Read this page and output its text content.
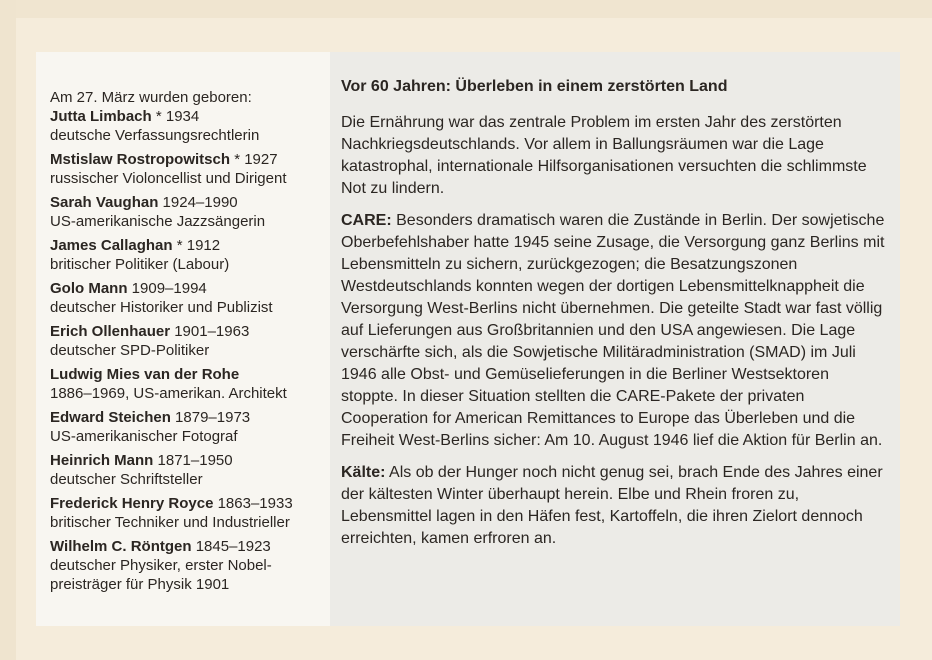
Am 27. März wurden geboren:
Jutta Limbach * 1934
deutsche Verfassungsrechtlerin
Mstislaw Rostropowitsch * 1927
russischer Violoncellist und Dirigent
Sarah Vaughan 1924–1990
US-amerikanische Jazzsängerin
James Callaghan * 1912
britischer Politiker (Labour)
Golo Mann 1909–1994
deutscher Historiker und Publizist
Erich Ollenhauer 1901–1963
deutscher SPD-Politiker
Ludwig Mies van der Rohe
1886–1969, US-amerikan. Architekt
Edward Steichen 1879–1973
US-amerikanischer Fotograf
Heinrich Mann 1871–1950
deutscher Schriftsteller
Frederick Henry Royce 1863–1933
britischer Techniker und Industrieller
Wilhelm C. Röntgen 1845–1923
deutscher Physiker, erster Nobel- preisträger für Physik 1901
Vor 60 Jahren: Überleben in einem zerstörten Land

Die Ernährung war das zentrale Problem im ersten Jahr des zerstörten Nachkriegsdeutschlands. Vor allem in Ballungsräumen war die Lage katastrophal, internationale Hilfsorganisationen versuchten die schlimmste Not zu lindern.

CARE: Besonders dramatisch waren die Zustände in Berlin. Der sowjetische Oberbefehlshaber hatte 1945 seine Zusage, die Versorgung ganz Berlins mit Lebensmitteln zu sichern, zurückgezogen; die Besatzungszonen Westdeutschlands konnten wegen der dortigen Lebensmittelknappheit die Versorgung West-Berlins nicht übernehmen. Die geteilte Stadt war fast völlig auf Lieferungen aus Großbritannien und den USA angewiesen. Die Lage verschärfte sich, als die Sowjetische Militäradministration (SMAD) im Juli 1946 alle Obst- und Gemüselieferungen in die Berliner Westsektoren stoppte. In dieser Situation stellten die CARE-Pakete der privaten Cooperation for American Remittances to Europe das Überleben und die Freiheit West-Berlins sicher: Am 10. August 1946 lief die Aktion für Berlin an.

Kälte: Als ob der Hunger noch nicht genug sei, brach Ende des Jahres einer der kältesten Winter überhaupt herein. Elbe und Rhein froren zu, Lebensmittel lagen in den Häfen fest, Kartoffeln, die ihren Zielort dennoch erreichten, kamen erfroren an.
